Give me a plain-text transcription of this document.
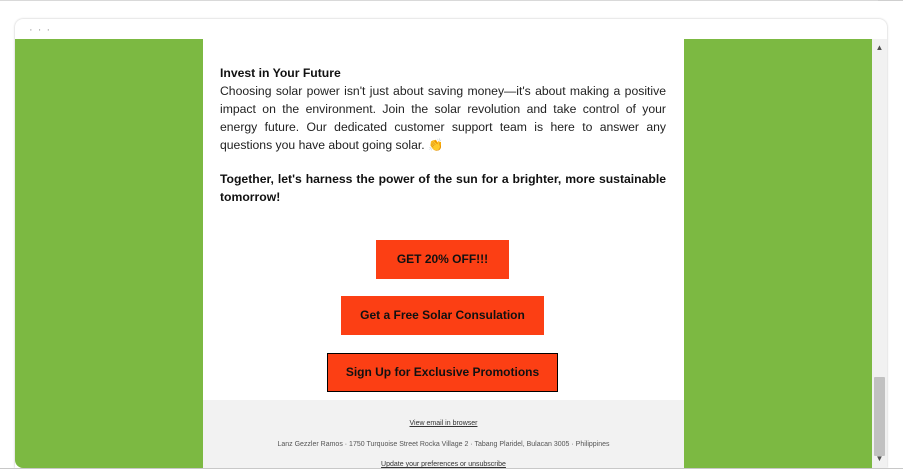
· · ·
Invest in Your Future

Choosing solar power isn't just about saving money—it's about making a positive impact on the environment. Join the solar revolution and take control of your energy future. Our dedicated customer support team is here to answer any questions you have about going solar. 👏

Together, let's harness the power of the sun for a brighter, more sustainable tomorrow!

GET 20% OFF!!!
Get a Free Solar Consulation
Sign Up for Exclusive Promotions
View email in browser
Lanz Gezzler Ramos · 1750 Turquoise Street Rocka Village 2 · Tabang Plaridel, Bulacan 3005 · Philippines
Update your preferences or unsubscribe
▲
▼
